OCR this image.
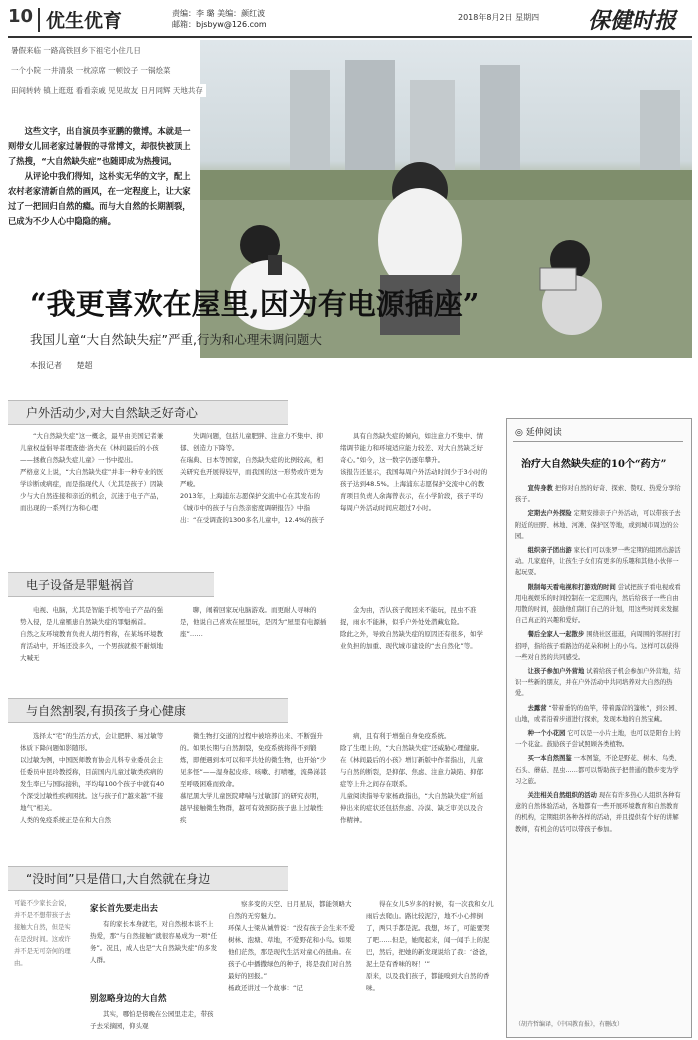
10 优生优育	责编：李 璐 美编：颜红波
邮箱：bjsbyw@126.com
2018年8月2日 星期四 保健时报
暑假来临 一路高铁回乡下祖宅小住几日
一个小院 一井清泉 一枕凉席 一顿饺子 一锅烩菜
田间转转 镇上逛逛 看看亲戚 见见故友 日月同辉 天地共存

这些文字，出自演员李亚鹏的微博。本就是一则带女儿回老家过暑假的寻常博文，却很快被顶上了热搜，“大自然缺失症”也随即成为热搜词。

从评论中我们得知，这朴实无华的文字，配上农村老家清新自然的画风，在一定程度上，让大家过了一把回归自然的瘾。而与大自然的长期割裂，已成为不少人心中隐隐的痛。

“我更喜欢在屋里,因为有电源插座”
我国儿童“大自然缺失症”严重,行为和心理未调问题大
本报记者 楚超
户外活动少,对大自然缺乏好奇心

“大自然缺失症”这一概念，最早由美国记者兼儿童权益倡导者理查德·洛夫在《林间最后的小孩——拯救自然缺失症儿童》一书中提出。
严格意义上说，“大自然缺失症”并非一种专业的医学诊断或病症，而是指现代人（尤其是孩子）因缺少与大自然连接和亲近的机会，沉迷于电子产品，而出现的一系列行为和心理

失调问题，包括儿童肥胖、注意力不集中、抑郁、创造力下降等。
在瑞典、日本等国家，自然缺失症的比例较高，相关研究也开展得较早，而我国的这一形势或许更为严峻。
2013年，上海浦东志愿保护交流中心在其发布的《城市中的孩子与自然亲密度调研报告》中指出：“在受调查的1300多名儿童中，12.4%的孩子

具有自然缺失症的倾向，如注意力不集中、情绪调节能力和环境适应能力较差、对大自然缺乏好奇心。”如今，这一数字仍逐年攀升。
该报告还显示，我国每周户外活动时间少于3小时的孩子达到48.5%。上海浦东志愿保护交流中心的教育项目负责人余海曾表示，在小学阶段，孩子平均每周户外活动时间应超过7小时。

电子设备是罪魁祸首

电视、电脑，尤其是智能手机等电子产品的强势入侵，是儿童罹患自然缺失症的罪魁祸首。
自然之友环境教育负责人胡丹哲称，在某场环境教育活动中，开场还没多久，一个男孩就极不耐烦地大喊无

聊，闹着回家玩电脑游戏。而更耐人寻味的是，他说自己喜欢在屋里玩，是因为“屋里有电源插座”……

金为由，否认孩子爬回来不能玩，昆虫不准捉，雨水不能淋，似乎户外处处潜藏危险。
除此之外，导致自然缺失症的原因还有很多，如学业负担的加重、现代城市建设的“去自然化”等。

与自然割裂,有损孩子身心健康

选择太“宅”的生活方式，会让肥胖、易过敏等体质下降问题如影随形。
以过敏为例，中国医师教育协会儿科专业委员会主任委员申昆玲教授称，目前国内儿童过敏类疾病的发生率已与国际接轨，平均每100个孩子中就有40个深受过敏性疾病困扰。这与孩子们“越来越”不接地气”相关。
人类的免疫系统正是在和大自然

微生物打交道的过程中被培养出来、不断强升的。如果长期与自然割裂，免疫系统将得不到锻炼，即便遇到本可以和平共处的微生物，也开始“少见多怪”——湿身起皮疹、咳嗽、打喷嚏，流鼻涕甚至呼吸困难而致命。
慕尼黑大学儿童医院哮喘与过敏部门的研究表明，越早接触微生物群，越可有效预防孩子患上过敏性疾

病，且有利于增强自身免疫系统。
除了生理上的，“大自然缺失症”还威胁心理健康。在《林间最后的小孩》增订新版中作者指出，儿童与自然的断裂，是抑郁、焦虑、注意力缺陷、抑郁症等上升之间存在联系。
儿童阅读指导专家杨政指出，“大自然缺失症”所延伸出来的症状还包括焦虑、冷漠、缺乏审美以及合作精神。

“没时间”只是借口,大自然就在身边
可能不少家长会说，并不是不想带孩子去接触大自然，但是实在是没时间。这或许并不是无可奈何的理由。
家长首先要走出去

有的家长本身就宅，对自然根本谈不上热爱，那“与自然接触”就很容易成为一项“任务”。况且，成人也是“大自然缺失症”的多发人群。

别忽略身边的大自然

其实，哪怕是傍晚在公园里走走，带孩子去采摘园，仰头观

察多变的天空、日月星辰，都能领略大自然的无穷魅力。
环保人士梁从诫曾说：“没有孩子会生来不爱树林、泡塘、草地，不爱野花和小鸟。如果他们茫然，那是现代生活对童心的扭曲。在孩子心中播撒绿色的种子，将是我们对自然最好的回报。”
杨政还讲过一个故事：“记

得在女儿5岁多的时候，有一次我和女儿雨后去爬山。路比较泥泞，地不小心摔倒了，两只手都是泥。我想，坏了，可能要哭了吧……但是，她爬起来，闻一闻手上的泥巴，然后，把她的新发现说给了我：‘爸爸，泥土是有香味的呀！’”
原来，以及我们孩子，都能嗅到大自然的香味。

◎ 延伸阅读
治疗大自然缺失症的10个“药方”

宣传身教 把你对自然的好奇、探索、赞叹、热爱分享给孩子。

定期去户外探险 定期安排亲子户外活动，可以带孩子去附近的田野、林地、河滩、保护区等地，或到城市周边的公园。

组织亲子团出游 家长们可以张罗一些定期的组团出游活动。几家庭伴，让孩生子女们有更多的乐趣和其他小伙伴一起玩耍。

限制每天看电视和打游戏的时间 尝试把孩子看电视或看用电视娱乐的时间控制在一定范围内，然后给孩子一些自由用散的时间，鼓励他们制订自己的计划，用这些时间来发掘自己真正的兴趣和爱好。

餐后全家人一起散步 围绕社区逛逛，向周围的邻居打打招呼，指给孩子看路边的花朵和树上的小鸟。这样可以获得一些对自然的共同感受。

让孩子参加户外营地 试着给孩子机会参加户外营地，结识一些新的朋友，并在户外活动中共同培养对大自然的热爱。

去露营 “带着垂钓的鱼竿，带着露营的篷帐”，到公园、山地，或者沿着步道进行探索，发现本地的自然宝藏。

种一个小花园 它可以是一小片土地，也可以是阳台上的一个花盆。鼓励孩子尝试照顾各类植物。

买一本自然图鉴 一本图鉴，不论是野花、树木、鸟类、石头、蘑菇、昆虫……都可以帮助孩子把普通的散步变为学习之旅。

关注相关自然组织的活动 现在有许多热心人组织各种有意的自然体验活动，各地都有一些开展环境教育和自然教育的机构，定期组织各种各样的活动，并且提供有个好的讲解教师，有机会的话可以带孩子参加。

（胡卉哲编译，《中国教育报》，有删改）
